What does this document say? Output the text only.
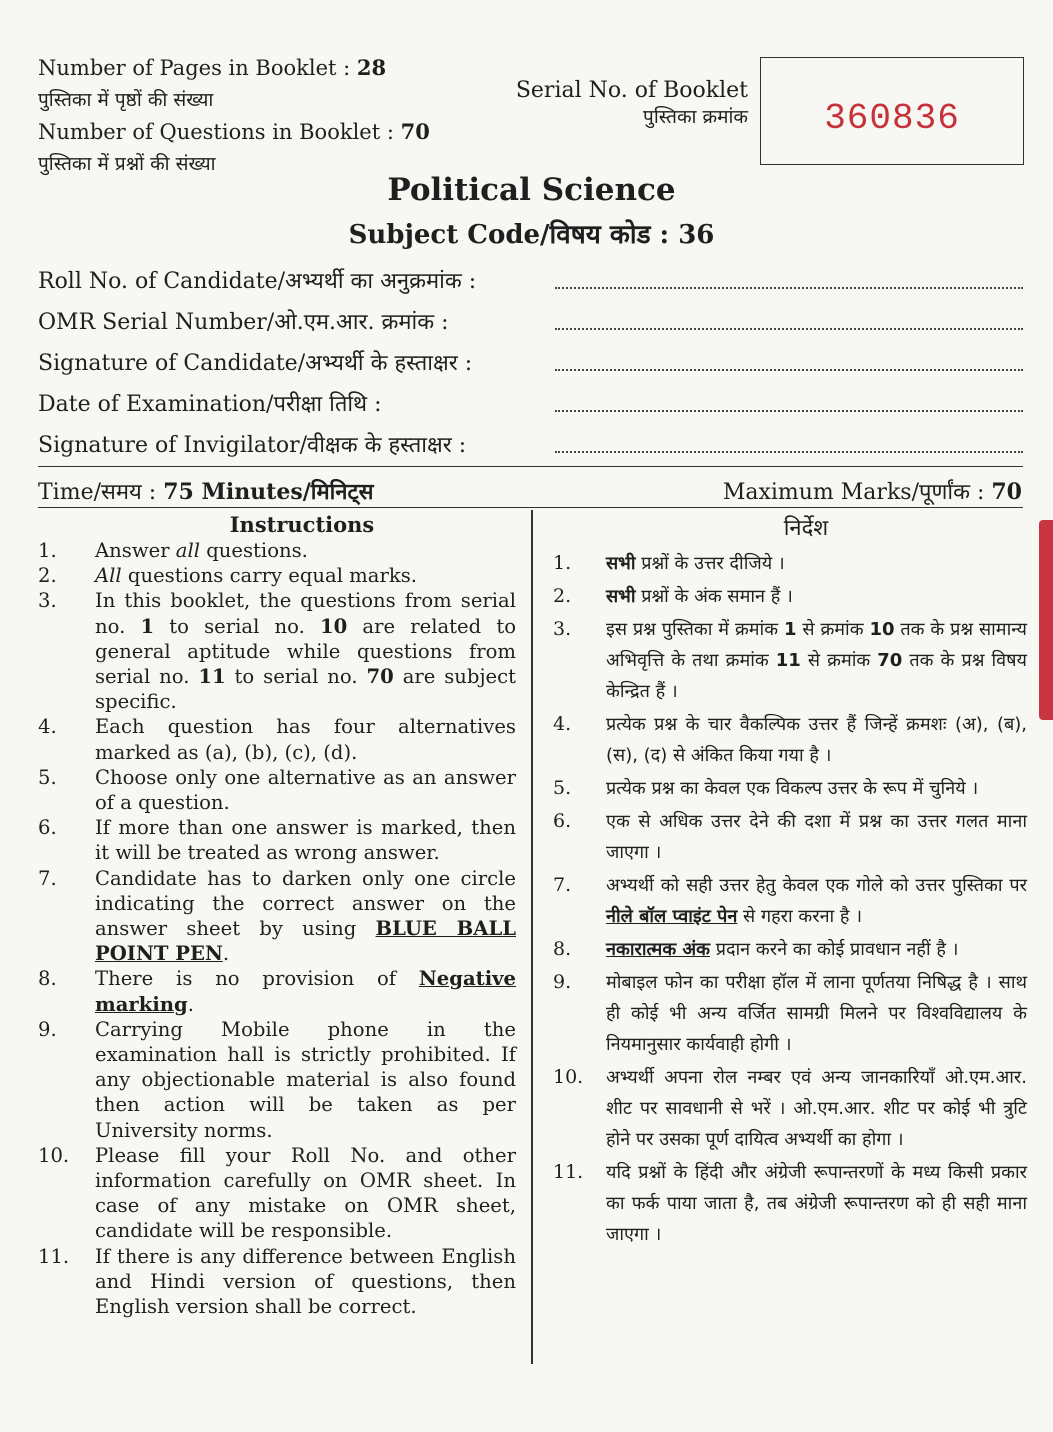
Number of Pages in Booklet : 28
पुस्तिका में पृष्ठों की संख्या
Number of Questions in Booklet : 70
पुस्तिका में प्रश्नों की संख्या
Serial No. of Booklet
पुस्तिका क्रमांक	360836
Political Science
Subject Code/विषय कोड : 36
Roll No. of Candidate/अभ्यर्थी का अनुक्रमांक :
OMR Serial Number/ओ.एम.आर. क्रमांक :
Signature of Candidate/अभ्यर्थी के हस्ताक्षर :
Date of Examination/परीक्षा तिथि :
Signature of Invigilator/वीक्षक के हस्ताक्षर :
Time/समय : 75 Minutes/मिनिट्स	Maximum Marks/पूर्णांक : 70
Instructions
1. Answer all questions.
2. All questions carry equal marks.
3. In this booklet, the questions from serial no. 1 to serial no. 10 are related to general aptitude while questions from serial no. 11 to serial no. 70 are subject specific.
4. Each question has four alternatives marked as (a), (b), (c), (d).
5. Choose only one alternative as an answer of a question.
6. If more than one answer is marked, then it will be treated as wrong answer.
7. Candidate has to darken only one circle indicating the correct answer on the answer sheet by using BLUE BALL POINT PEN.
8. There is no provision of Negative marking.
9. Carrying Mobile phone in the examination hall is strictly prohibited. If any objectionable material is also found then action will be taken as per University norms.
10. Please fill your Roll No. and other information carefully on OMR sheet. In case of any mistake on OMR sheet, candidate will be responsible.
11. If there is any difference between English and Hindi version of questions, then English version shall be correct.
निर्देश
1. सभी प्रश्नों के उत्तर दीजिये ।
2. सभी प्रश्नों के अंक समान हैं ।
3. इस प्रश्न पुस्तिका में क्रमांक 1 से क्रमांक 10 तक के प्रश्न सामान्य अभिवृत्ति के तथा क्रमांक 11 से क्रमांक 70 तक के प्रश्न विषय केन्द्रित हैं ।
4. प्रत्येक प्रश्न के चार वैकल्पिक उत्तर हैं जिन्हें क्रमशः (अ), (ब), (स), (द) से अंकित किया गया है ।
5. प्रत्येक प्रश्न का केवल एक विकल्प उत्तर के रूप में चुनिये ।
6. एक से अधिक उत्तर देने की दशा में प्रश्न का उत्तर गलत माना जाएगा ।
7. अभ्यर्थी को सही उत्तर हेतु केवल एक गोले को उत्तर पुस्तिका पर नीले बॉल प्वाइंट पेन से गहरा करना है ।
8. नकारात्मक अंक प्रदान करने का कोई प्रावधान नहीं है ।
9. मोबाइल फोन का परीक्षा हॉल में लाना पूर्णतया निषिद्ध है । साथ ही कोई भी अन्य वर्जित सामग्री मिलने पर विश्वविद्यालय के नियमानुसार कार्यवाही होगी ।
10. अभ्यर्थी अपना रोल नम्बर एवं अन्य जानकारियाँ ओ.एम.आर. शीट पर सावधानी से भरें । ओ.एम.आर. शीट पर कोई भी त्रुटि होने पर उसका पूर्ण दायित्व अभ्यर्थी का होगा ।
11. यदि प्रश्नों के हिंदी और अंग्रेजी रूपान्तरणों के मध्य किसी प्रकार का फर्क पाया जाता है, तब अंग्रेजी रूपान्तरण को ही सही माना जाएगा ।
